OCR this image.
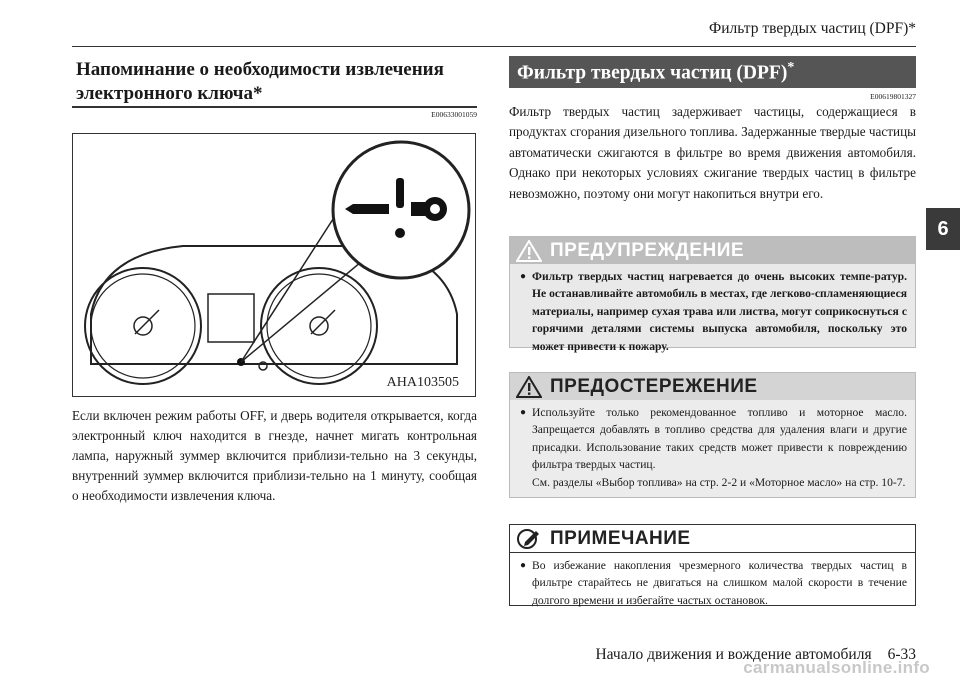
Фильтр твердых частиц (DPF)*
6
Напоминание о необходимости извлечения электронного ключа*
E00633001059
AHA103505
Если включен режим работы OFF, и дверь водителя открывается, когда электронный ключ находится в гнезде, начнет мигать контрольная лампа, наружный зуммер включится приблизи-тельно на 3 секунды, внутренний зуммер включится приблизи-тельно на 1 минуту, сообщая о необходимости извлечения ключа.
Фильтр твердых частиц (DPF)*
E00619801327
Фильтр твердых частиц задерживает частицы, содержащиеся в продуктах сгорания дизельного топлива. Задержанные твердые частицы автоматически сжигаются в фильтре во время движения автомобиля. Однако при некоторых условиях сжигание твердых частиц в фильтре невозможно, поэтому они могут накопиться внутри его.
ПРЕДУПРЕЖДЕНИЕ
● Фильтр твердых частиц нагревается до очень высоких темпе-ратур. Не останавливайте автомобиль в местах, где легково-спламеняющиеся материалы, например сухая трава или листва, могут соприкоснуться с горячими деталями системы выпуска автомобиля, поскольку это может привести к пожару.
ПРЕДОСТЕРЕЖЕНИЕ
● Используйте только рекомендованное топливо и моторное масло. Запрещается добавлять в топливо средства для удаления влаги и другие присадки. Использование таких средств может привести к повреждению фильтра твердых частиц.
См. разделы «Выбор топлива» на стр. 2-2 и «Моторное масло» на стр. 10-7.
ПРИМЕЧАНИЕ
● Во избежание накопления чрезмерного количества твердых частиц в фильтре старайтесь не двигаться на слишком малой скорости в течение долгого времени и избегайте частых остановок.
Начало движения и вождение автомобиля 6-33
carmanualsonline.info
